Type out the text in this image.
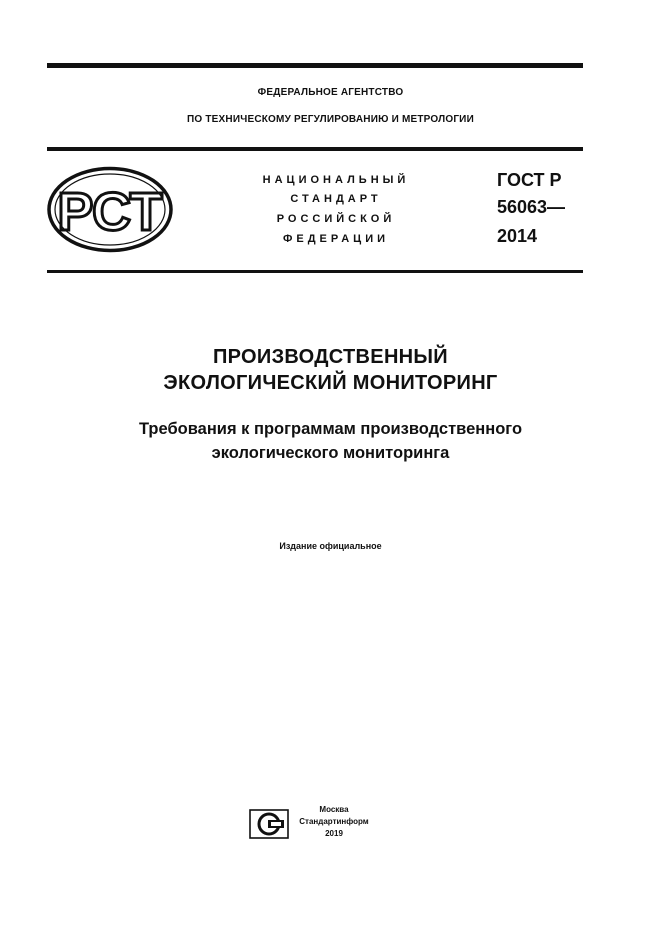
ФЕДЕРАЛЬНОЕ АГЕНТСТВО
ПО ТЕХНИЧЕСКОМУ РЕГУЛИРОВАНИЮ И МЕТРОЛОГИИ
РСТ
НАЦИОНАЛЬНЫЙ
СТАНДАРТ
РОССИЙСКОЙ
ФЕДЕРАЦИИ
ГОСТ Р
56063—
2014
ПРОИЗВОДСТВЕННЫЙ
ЭКОЛОГИЧЕСКИЙ МОНИТОРИНГ
Требования к программам производственного
экологического мониторинга
Издание официальное
Москва
Стандартинформ
2019
